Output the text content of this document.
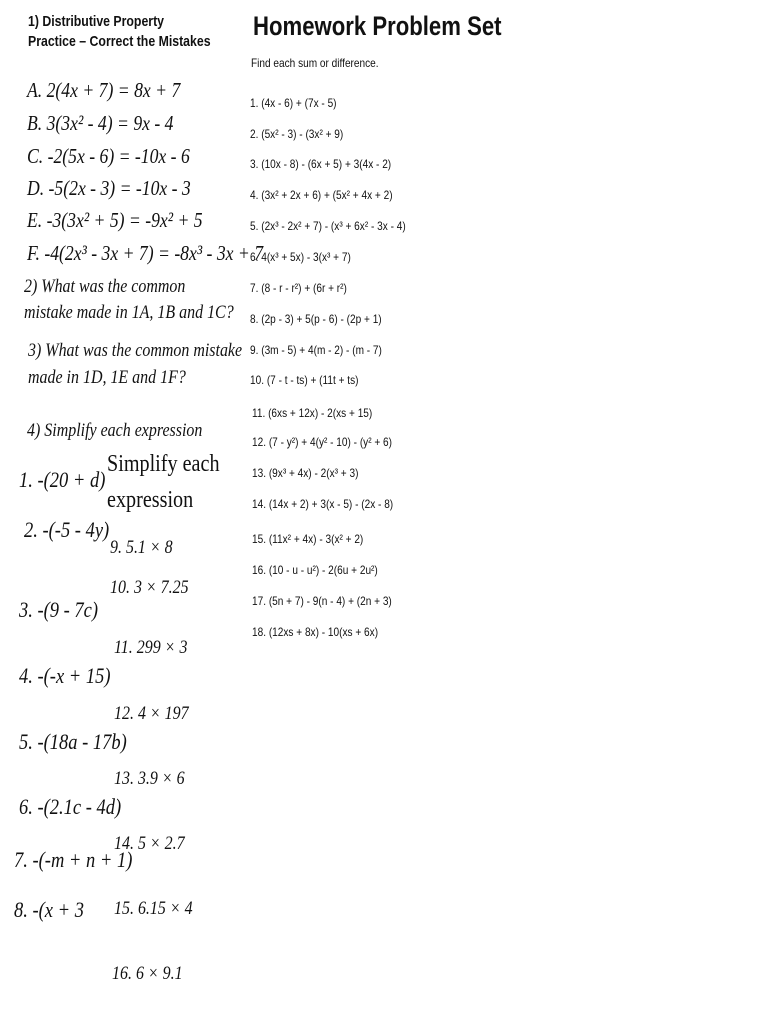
1) Distributive Property
Practice – Correct the Mistakes
A. 2(4x + 7) = 8x + 7
B. 3(3x² - 4) = 9x - 4
C. -2(5x - 6) = -10x - 6
D. -5(2x - 3) = -10x - 3
E. -3(3x² + 5) = -9x² + 5
F. -4(2x³ - 3x + 7) = -8x³ - 3x + 7
2) What was the common
mistake made in 1A, 1B and 1C?
3) What was the common mistake
made in 1D, 1E and 1F?
4) Simplify each expression
Simplify each
expression
1. -(20 + d)
2. -(-5 - 4y)
3. -(9 - 7c)
4. -(-x + 15)
5. -(18a - 17b)
6. -(2.1c - 4d)
7. -(-m + n + 1)
8. -(x + 3
9. 5.1 × 8
10. 3 × 7.25
11. 299 × 3
12. 4 × 197
13. 3.9 × 6
14. 5 × 2.7
15. 6.15 × 4
16. 6 × 9.1
Homework Problem Set
Find each sum or difference.
1. (4x - 6) + (7x - 5)
2. (5x² - 3) - (3x² + 9)
3. (10x - 8) - (6x + 5) + 3(4x - 2)
4. (3x² + 2x + 6) + (5x² + 4x + 2)
5. (2x³ - 2x² + 7) - (x³ + 6x² - 3x - 4)
6. 4(x³ + 5x) - 3(x³ + 7)
7. (8 - r - r²) + (6r + r²)
8. (2p - 3) + 5(p - 6) - (2p + 1)
9. (3m - 5) + 4(m - 2) - (m - 7)
10. (7 - t - ts) + (11t + ts)
11. (6xs + 12x) - 2(xs + 15)
12. (7 - y²) + 4(y² - 10) - (y² + 6)
13. (9x³ + 4x) - 2(x³ + 3)
14. (14x + 2) + 3(x - 5) - (2x - 8)
15. (11x² + 4x) - 3(x² + 2)
16. (10 - u - u²) - 2(6u + 2u²)
17. (5n + 7) - 9(n - 4) + (2n + 3)
18. (12xs + 8x) - 10(xs + 6x)
